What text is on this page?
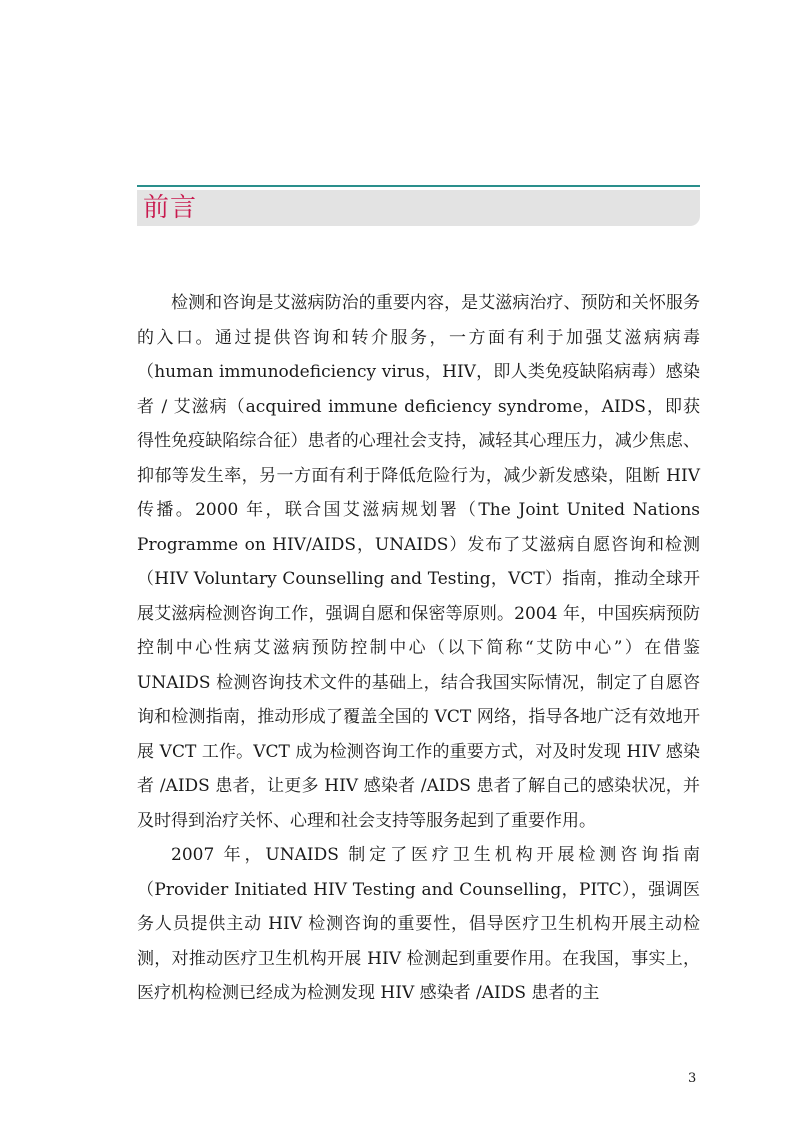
前言

检测和咨询是艾滋病防治的重要内容，是艾滋病治疗、预防和关怀服务的入口。通过提供咨询和转介服务，一方面有利于加强艾滋病病毒（human immunodeficiency virus，HIV，即人类免疫缺陷病毒）感染者 / 艾滋病（acquired immune deficiency syndrome，AIDS，即获得性免疫缺陷综合征）患者的心理社会支持，减轻其心理压力，减少焦虑、抑郁等发生率，另一方面有利于降低危险行为，减少新发感染，阻断 HIV 传播。2000 年，联合国艾滋病规划署（The Joint United Nations Programme on HIV/AIDS，UNAIDS）发布了艾滋病自愿咨询和检测（HIV Voluntary Counselling and Testing，VCT）指南，推动全球开展艾滋病检测咨询工作，强调自愿和保密等原则。2004 年，中国疾病预防控制中心性病艾滋病预防控制中心（以下简称“艾防中心”）在借鉴 UNAIDS 检测咨询技术文件的基础上，结合我国实际情况，制定了自愿咨询和检测指南，推动形成了覆盖全国的 VCT 网络，指导各地广泛有效地开展 VCT 工作。VCT 成为检测咨询工作的重要方式，对及时发现 HIV 感染者 /AIDS 患者，让更多 HIV 感染者 /AIDS 患者了解自己的感染状况，并及时得到治疗关怀、心理和社会支持等服务起到了重要作用。

2007 年，UNAIDS 制定了医疗卫生机构开展检测咨询指南（Provider Initiated HIV Testing and Counselling，PITC），强调医务人员提供主动 HIV 检测咨询的重要性，倡导医疗卫生机构开展主动检测，对推动医疗卫生机构开展 HIV 检测起到重要作用。在我国，事实上，医疗机构检测已经成为检测发现 HIV 感染者 /AIDS 患者的主

3
